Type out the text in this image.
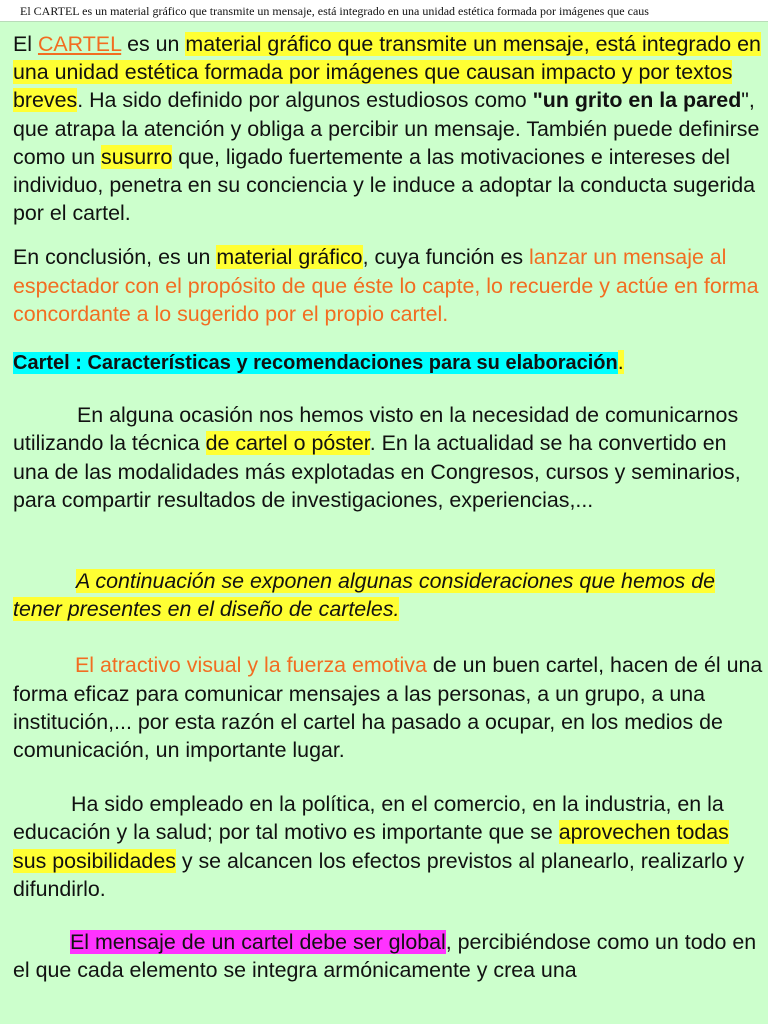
El CARTEL es un material gráfico que transmite un mensaje, está integrado en una unidad estética formada por imágenes que caus

El CARTEL es un material gráfico que transmite un mensaje, está integrado en una unidad estética formada por imágenes que causan impacto y por textos breves. Ha sido definido por algunos estudiosos como "un grito en la pared", que atrapa la atención y obliga a percibir un mensaje. También puede definirse como un susurro que, ligado fuertemente a las motivaciones e intereses del individuo, penetra en su conciencia y le induce a adoptar la conducta sugerida por el cartel.

En conclusión, es un material gráfico, cuya función es lanzar un mensaje al espectador con el propósito de que éste lo capte, lo recuerde y actúe en forma concordante a lo sugerido por el propio cartel.

Cartel : Características y recomendaciones para su elaboración.

En alguna ocasión nos hemos visto en la necesidad de comunicarnos utilizando la técnica de cartel o póster. En la actualidad se ha convertido en una de las modalidades más explotadas en Congresos, cursos y seminarios, para compartir resultados de investigaciones, experiencias,...

A continuación se exponen algunas consideraciones que hemos de tener presentes en el diseño de carteles.

El atractivo visual y la fuerza emotiva de un buen cartel, hacen de él una forma eficaz para comunicar mensajes a las personas, a un grupo, a una institución,... por esta razón el cartel ha pasado a ocupar, en los medios de comunicación, un importante lugar.

Ha sido empleado en la política, en el comercio, en la industria, en la educación y la salud; por tal motivo es importante que se aprovechen todas sus posibilidades y se alcancen los efectos previstos al planearlo, realizarlo y difundirlo.

El mensaje de un cartel debe ser global, percibiéndose como un todo en el que cada elemento se integra armónicamente y crea una
